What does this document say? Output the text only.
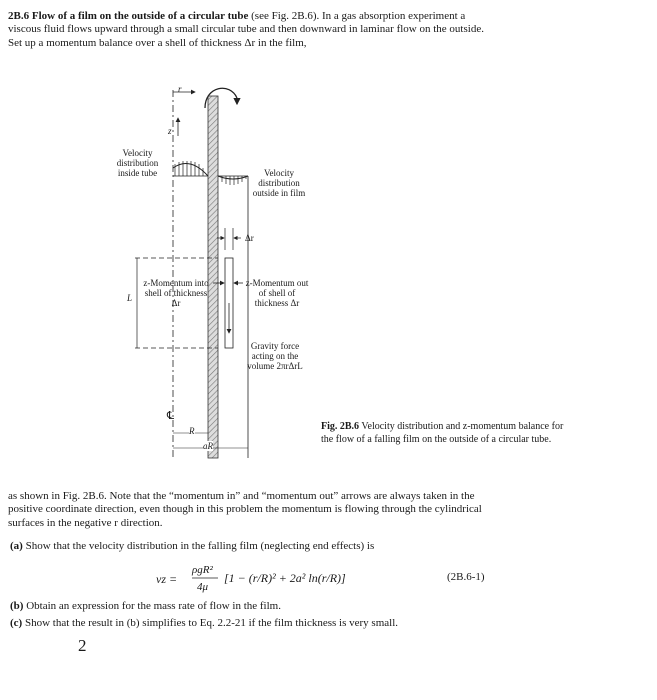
2B.6 Flow of a film on the outside of a circular tube (see Fig. 2B.6). In a gas absorption experiment a viscous fluid flows upward through a small circular tube and then downward in laminar flow on the outside. Set up a momentum balance over a shell of thickness Δr in the film,
r
z
Velocity distribution inside tube	Velocity distribution outside in film
Δr
z-Momentum into shell of thickness Δr
z-Momentum out of shell of thickness Δr
L
Gravity force acting on the volume 2πrΔrL
℄
R
aR
Fig. 2B.6 Velocity distribution and z-momentum balance for the flow of a falling film on the outside of a circular tube.
as shown in Fig. 2B.6. Note that the “momentum in” and “momentum out” arrows are always taken in the positive coordinate direction, even though in this problem the momentum is flowing through the cylindrical surfaces in the negative r direction.
(a) Show that the velocity distribution in the falling film (neglecting end effects) is
vz =
ρgR²
4μ
[1 − (r/R)² + 2a² ln(r/R)]	(2B.6-1)
(b) Obtain an expression for the mass rate of flow in the film.
(c) Show that the result in (b) simplifies to Eq. 2.2-21 if the film thickness is very small.
2
